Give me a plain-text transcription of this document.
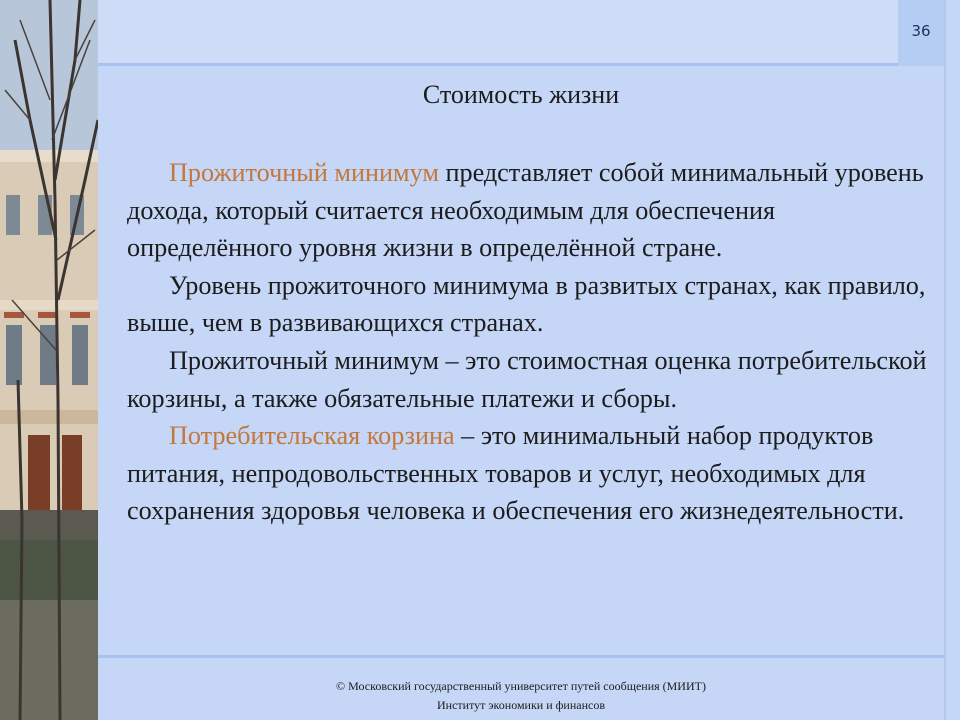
36
Стоимость жизни

Прожиточный минимум представляет собой минимальный уровень дохода, который считается необходимым для обеспечения определённого уровня жизни в определённой стране.

Уровень прожиточного минимума в развитых странах, как правило, выше, чем в развивающихся странах.

Прожиточный минимум – это стоимостная оценка потребительской корзины, а также обязательные платежи и сборы.

Потребительская корзина – это минимальный набор продуктов питания, непродовольственных товаров и услуг, необходимых для сохранения здоровья человека и обеспечения его жизнедеятельности.

© Московский государственный университет путей сообщения (МИИТ)
Институт экономики и финансов
